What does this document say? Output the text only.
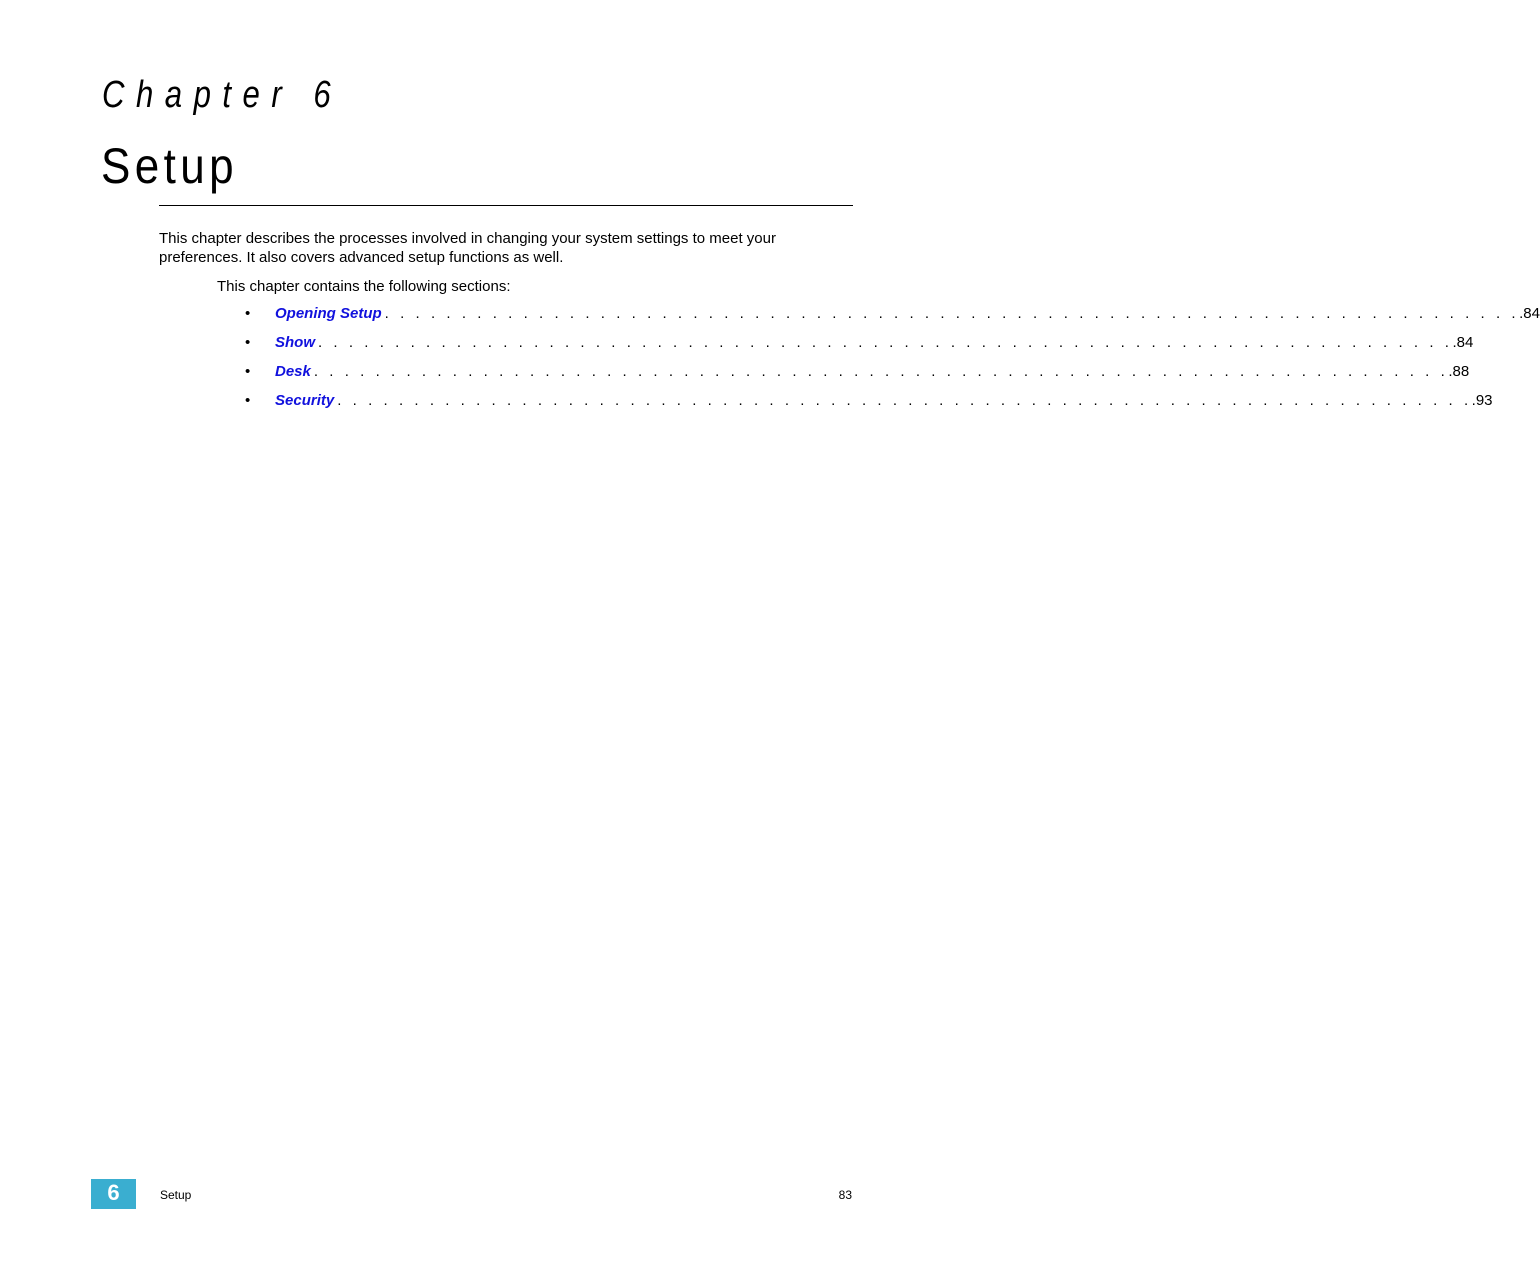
Chapter 6
Setup

This chapter describes the processes involved in changing your system settings to meet your preferences. It also covers advanced setup functions as well.

This chapter contains the following sections:

• Opening Setup . . . . . . . . . . . . . . . . . . . . . . . . . . . . . . . . . . . . . . . . . . . . . . . . . . . . . . . . . . . . . . . . . . . . . . . . . . .84
• Show . . . . . . . . . . . . . . . . . . . . . . . . . . . . . . . . . . . . . . . . . . . . . . . . . . . . . . . . . . . . . . . . . . . . . . . . . . .84
• Desk . . . . . . . . . . . . . . . . . . . . . . . . . . . . . . . . . . . . . . . . . . . . . . . . . . . . . . . . . . . . . . . . . . . . . . . . . . .88
• Security . . . . . . . . . . . . . . . . . . . . . . . . . . . . . . . . . . . . . . . . . . . . . . . . . . . . . . . . . . . . . . . . . . . . . . . . . . .93
6	Setup	83
